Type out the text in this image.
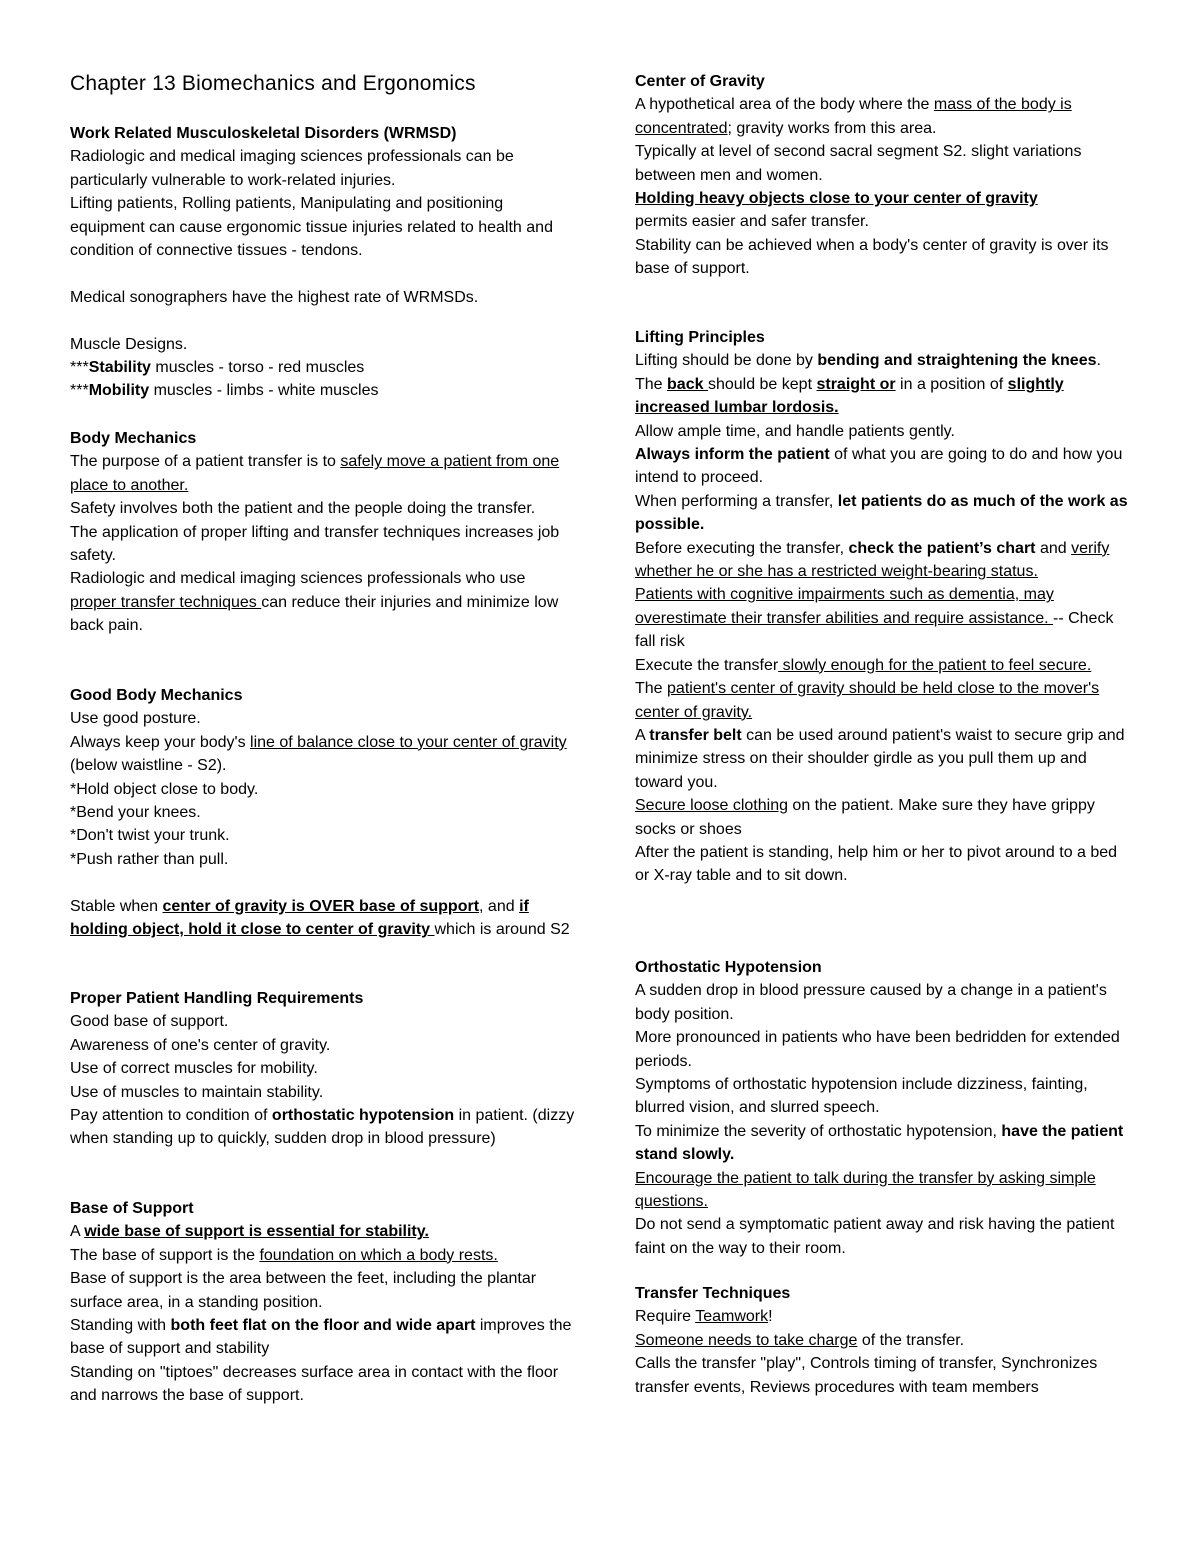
Chapter 13 Biomechanics and Ergonomics

Work Related Musculoskeletal Disorders (WRMSD)

Radiologic and medical imaging sciences professionals can be particularly vulnerable to work-related injuries.

Lifting patients, Rolling patients, Manipulating and positioning equipment can cause ergonomic tissue injuries related to health and condition of connective tissues - tendons.

Medical sonographers have the highest rate of WRMSDs.

Muscle Designs.

***Stability muscles - torso - red muscles

***Mobility muscles - limbs - white muscles

Body Mechanics

The purpose of a patient transfer is to safely move a patient from one place to another.

Safety involves both the patient and the people doing the transfer.

The application of proper lifting and transfer techniques increases job safety.

Radiologic and medical imaging sciences professionals who use proper transfer techniques can reduce their injuries and minimize low back pain.

Good Body Mechanics

Use good posture.

Always keep your body's line of balance close to your center of gravity (below waistline - S2).

*Hold object close to body.

*Bend your knees.

*Don't twist your trunk.

*Push rather than pull.

Stable when center of gravity is OVER base of support, and if holding object, hold it close to center of gravity which is around S2

Proper Patient Handling Requirements

Good base of support.

Awareness of one's center of gravity.

Use of correct muscles for mobility.

Use of muscles to maintain stability.

Pay attention to condition of orthostatic hypotension in patient. (dizzy when standing up to quickly, sudden drop in blood pressure)

Base of Support

A wide base of support is essential for stability.

The base of support is the foundation on which a body rests.

Base of support is the area between the feet, including the plantar surface area, in a standing position.

Standing with both feet flat on the floor and wide apart improves the base of support and stability

Standing on "tiptoes" decreases surface area in contact with the floor and narrows the base of support.

Center of Gravity

A hypothetical area of the body where the mass of the body is concentrated; gravity works from this area.

Typically at level of second sacral segment S2. slight variations between men and women.

Holding heavy objects close to your center of gravity
permits easier and safer transfer.

Stability can be achieved when a body's center of gravity is over its base of support.

Lifting Principles

Lifting should be done by bending and straightening the knees.

The back should be kept straight or in a position of slightly increased lumbar lordosis.

Allow ample time, and handle patients gently.

Always inform the patient of what you are going to do and how you intend to proceed.

When performing a transfer, let patients do as much of the work as possible.

Before executing the transfer, check the patient’s chart and verify whether he or she has a restricted weight-bearing status.

Patients with cognitive impairments such as dementia, may overestimate their transfer abilities and require assistance. -- Check fall risk

Execute the transfer slowly enough for the patient to feel secure.

The patient's center of gravity should be held close to the mover's center of gravity.

A transfer belt can be used around patient's waist to secure grip and minimize stress on their shoulder girdle as you pull them up and toward you.

Secure loose clothing on the patient. Make sure they have grippy socks or shoes

After the patient is standing, help him or her to pivot around to a bed or X-ray table and to sit down.

Orthostatic Hypotension

A sudden drop in blood pressure caused by a change in a patient's body position.

More pronounced in patients who have been bedridden for extended periods.

Symptoms of orthostatic hypotension include dizziness, fainting, blurred vision, and slurred speech.

To minimize the severity of orthostatic hypotension, have the patient stand slowly.

Encourage the patient to talk during the transfer by asking simple questions.

Do not send a symptomatic patient away and risk having the patient faint on the way to their room.

Transfer Techniques

Require Teamwork!

Someone needs to take charge of the transfer.

Calls the transfer "play", Controls timing of transfer, Synchronizes transfer events, Reviews procedures with team members
